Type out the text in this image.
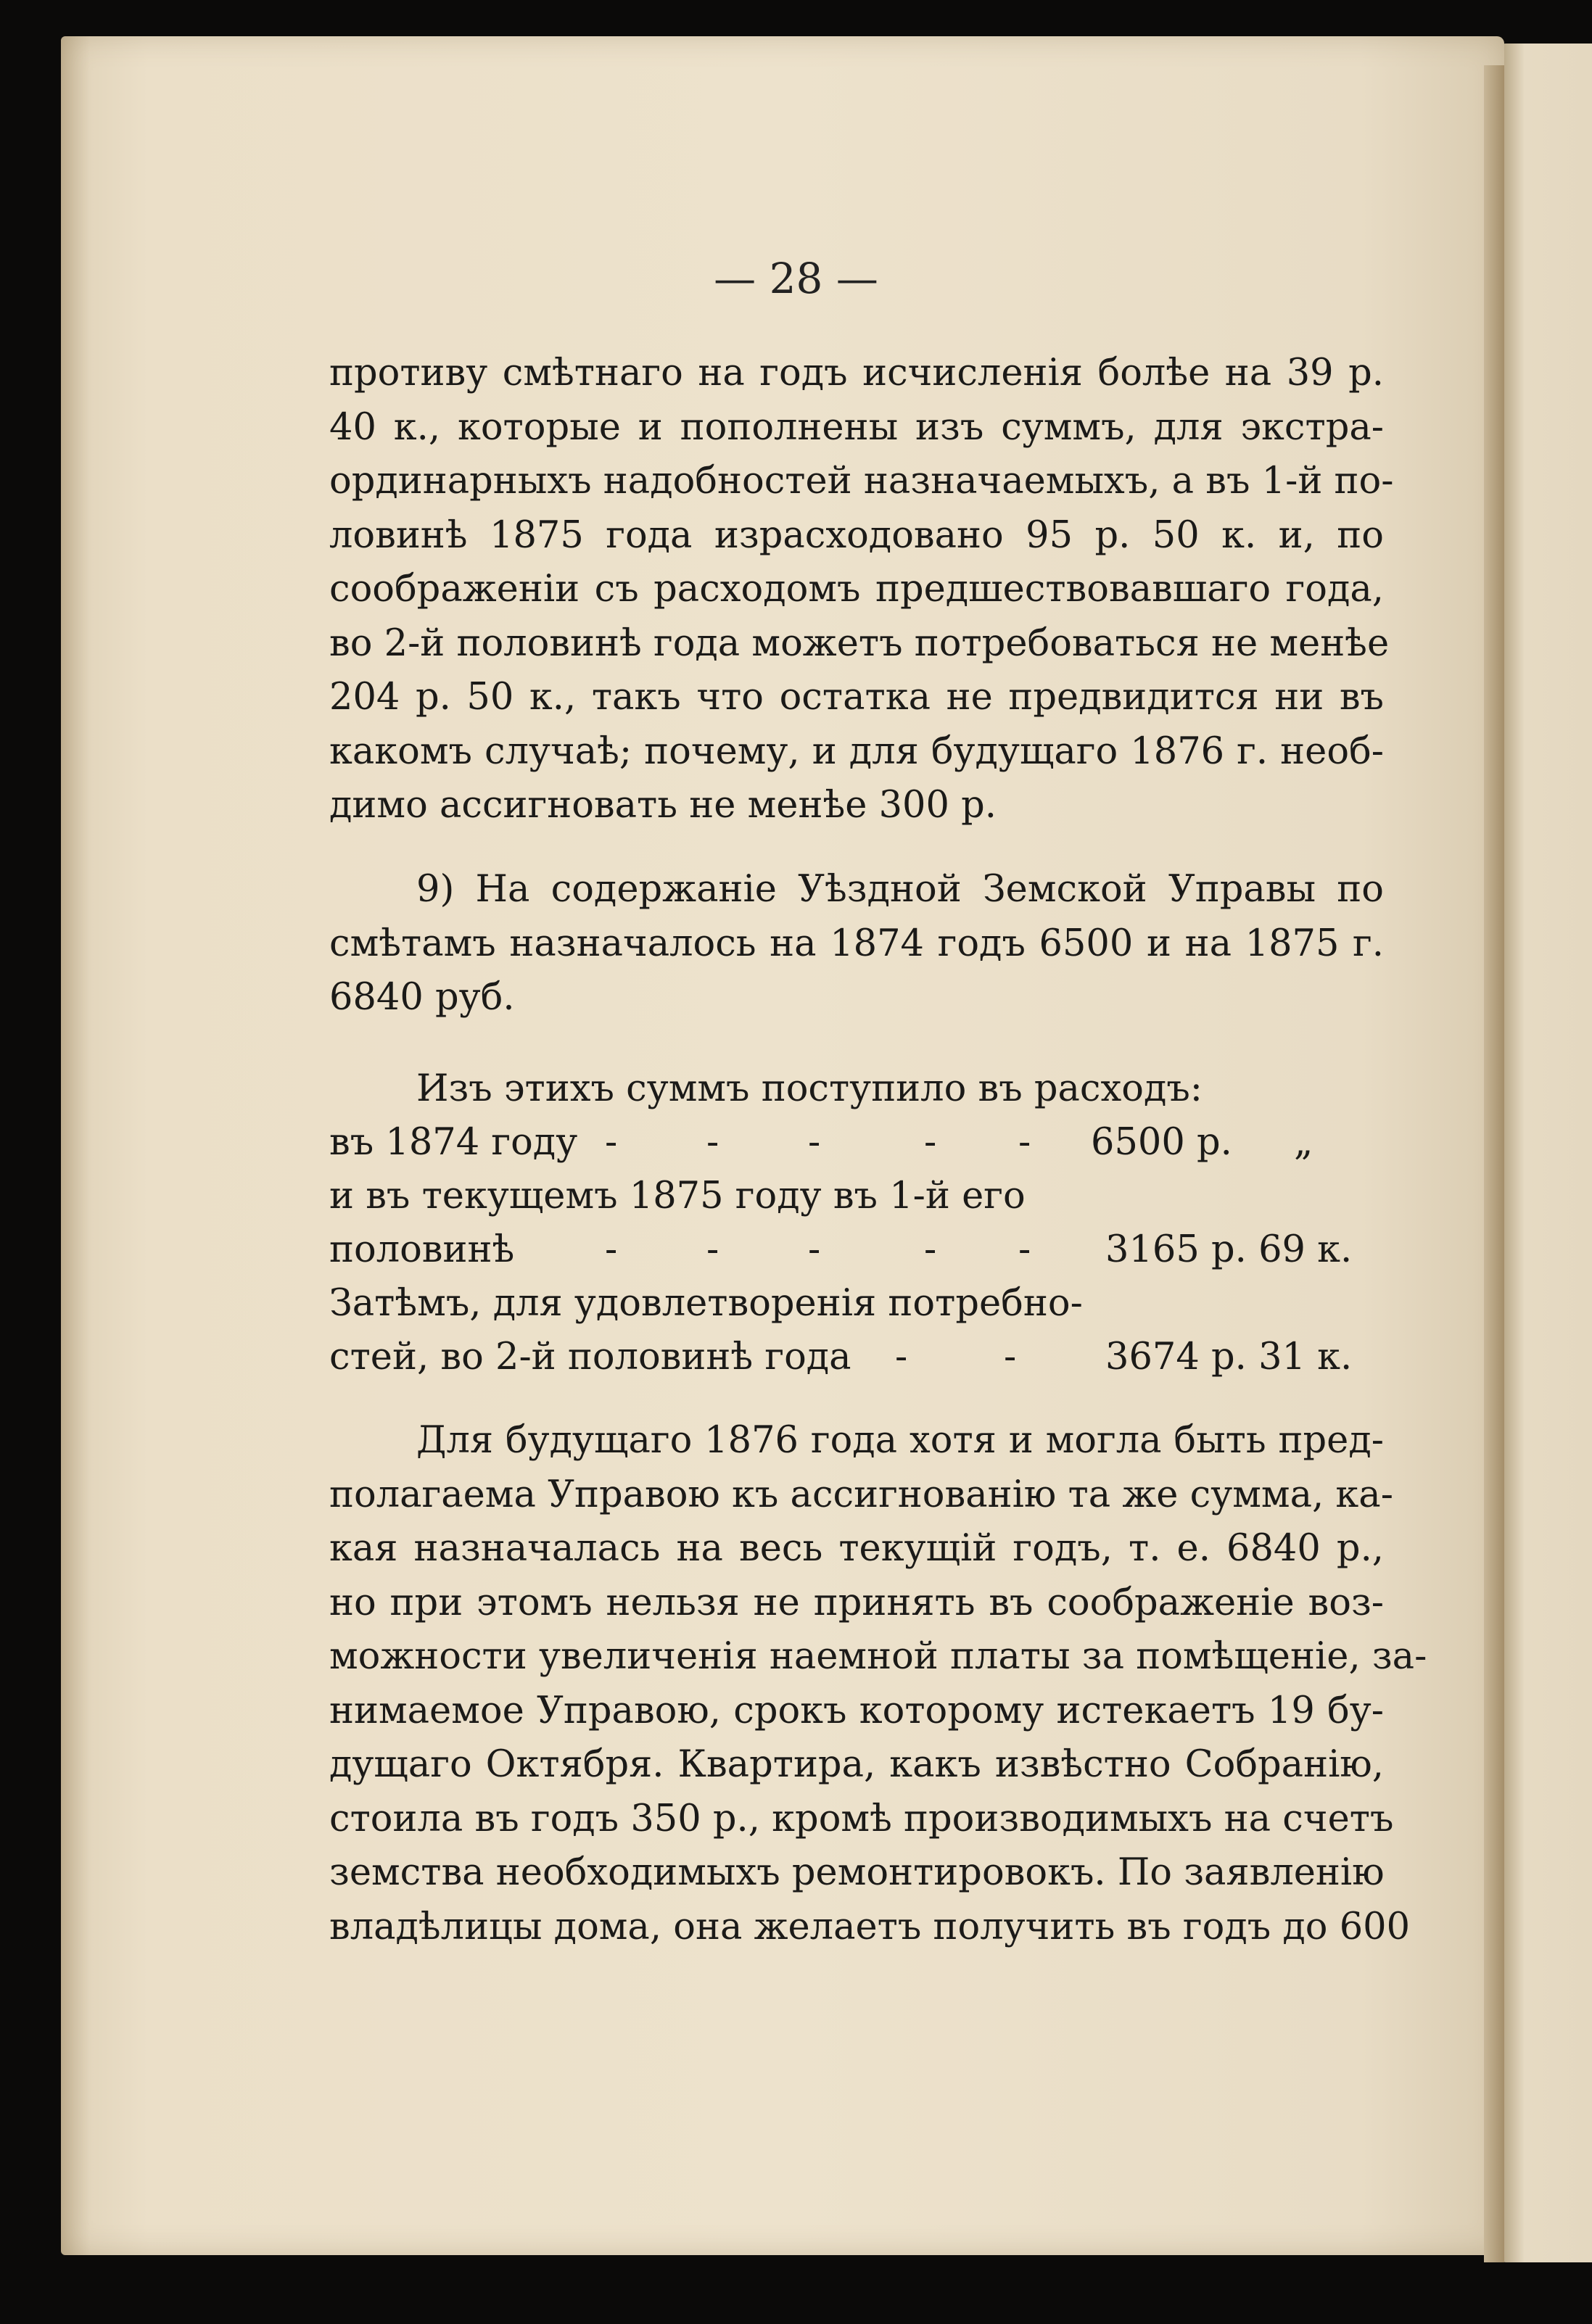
— 28 —
противу смѣтнаго на годъ исчисленія болѣе на 39 р.
40 к., которые и пополнены изъ суммъ, для экстра-
ординарныхъ надобностей назначаемыхъ, а въ 1-й по-
ловинѣ 1875 года израсходовано 95 р. 50 к. и, по
соображеніи съ расходомъ предшествовавшаго года,
во 2-й половинѣ года можетъ потребоваться не менѣе
204 р. 50 к., такъ что остатка не предвидится ни въ
какомъ случаѣ; почему, и для будущаго 1876 г. необ-
димо ассигновать не менѣе 300 р.
9) На содержаніе Уѣздной Земской Управы по
смѣтамъ назначалось на 1874 годъ 6500 и на 1875 г.
6840 руб.
Изъ этихъ суммъ поступило въ расходъ:
въ 1874 году - - -	- - 6500 р. „
и въ текущемъ 1875 году въ 1-й его
половинѣ - - -	- - 3165 р. 69 к.
Затѣмъ, для удовлетворенія потребно-
стей, во 2-й половинѣ года -	- 3674 р. 31 к.
Для будущаго 1876 года хотя и могла быть пред-
полагаема Управою къ ассигнованію та же сумма, ка-
кая назначалась на весь текущій годъ, т. е. 6840 р.,
но при этомъ нельзя не принять въ соображеніе воз-
можности увеличенія наемной платы за помѣщеніе, за-
нимаемое Управою, срокъ которому истекаетъ 19 бу-
дущаго Октября. Квартира, какъ извѣстно Собранію,
стоила въ годъ 350 р., кромѣ производимыхъ на счетъ
земства необходимыхъ ремонтировокъ. По заявленію
владѣлицы дома, она желаетъ получить въ годъ до 600
